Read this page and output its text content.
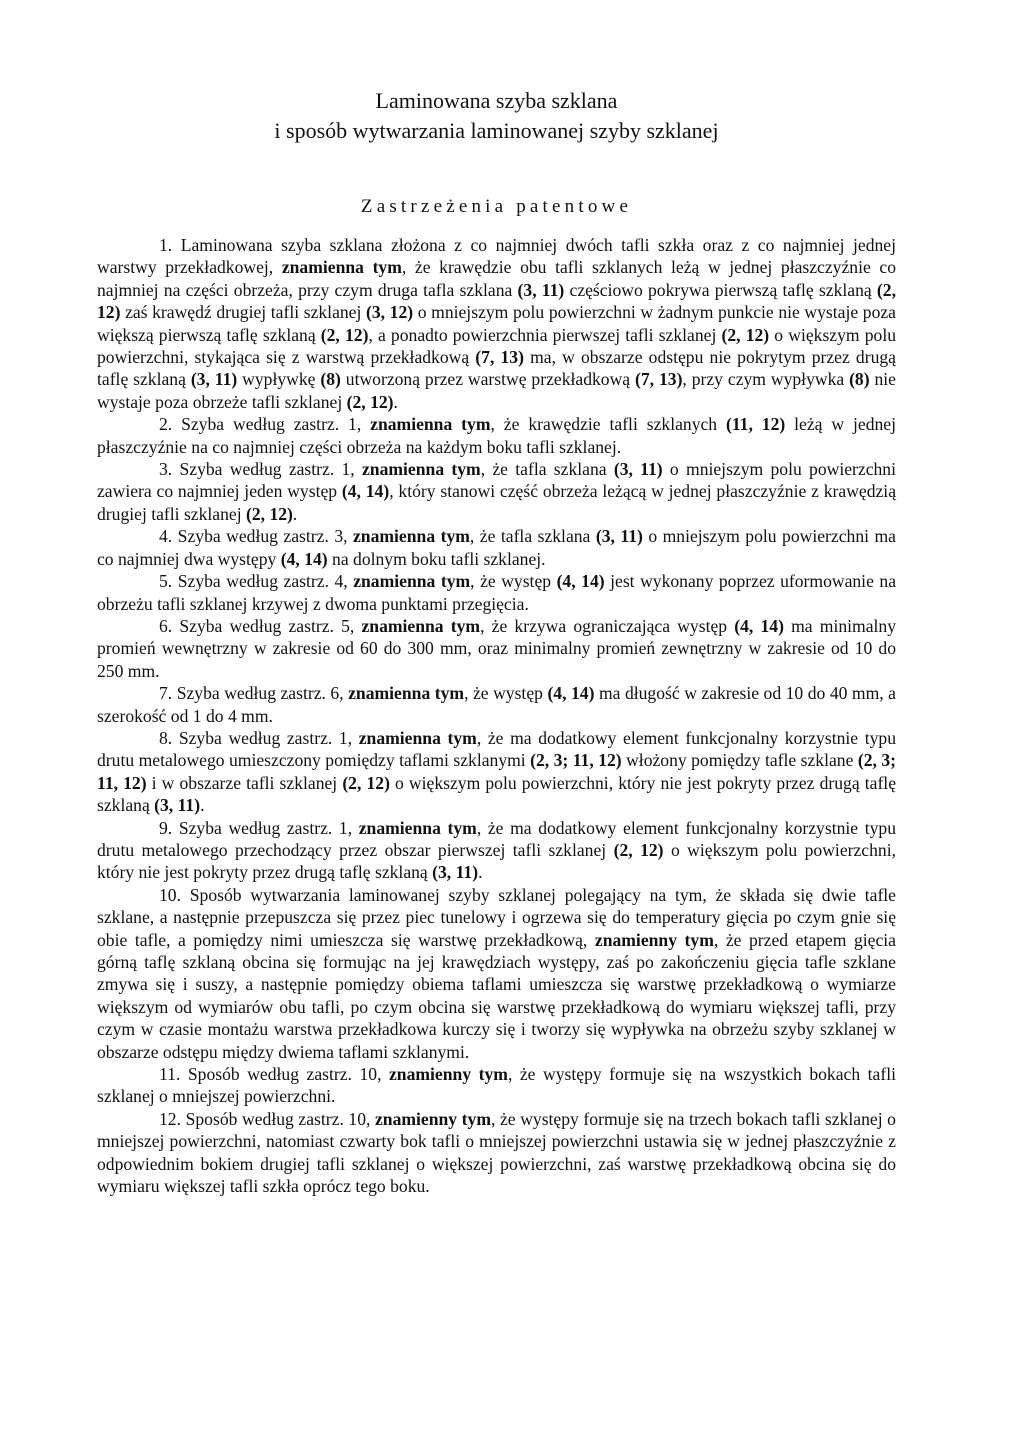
Laminowana szyba szklana
i sposób wytwarzania laminowanej szyby szklanej

Zastrzeżenia patentowe

1. Laminowana szyba szklana złożona z co najmniej dwóch tafli szkła oraz z co najmniej jednej warstwy przekładkowej, znamienna tym, że krawędzie obu tafli szklanych leżą w jednej płaszczyźnie co najmniej na części obrzeża, przy czym druga tafla szklana (3, 11) częściowo pokrywa pierwszą taflę szklaną (2, 12) zaś krawędź drugiej tafli szklanej (3, 12) o mniejszym polu powierzchni w żadnym punkcie nie wystaje poza większą pierwszą taflę szklaną (2, 12), a ponadto powierzchnia pierwszej tafli szklanej (2, 12) o większym polu powierzchni, stykająca się z warstwą przekładkową (7, 13) ma, w obszarze odstępu nie pokrytym przez drugą taflę szklaną (3, 11) wypływkę (8) utworzoną przez warstwę przekładkową (7, 13), przy czym wypływka (8) nie wystaje poza obrzeże tafli szklanej (2, 12).

2. Szyba według zastrz. 1, znamienna tym, że krawędzie tafli szklanych (11, 12) leżą w jednej płaszczyźnie na co najmniej części obrzeża na każdym boku tafli szklanej.

3. Szyba według zastrz. 1, znamienna tym, że tafla szklana (3, 11) o mniejszym polu powierzchni zawiera co najmniej jeden występ (4, 14), który stanowi część obrzeża leżącą w jednej płaszczyźnie z krawędzią drugiej tafli szklanej (2, 12).

4. Szyba według zastrz. 3, znamienna tym, że tafla szklana (3, 11) o mniejszym polu powierzchni ma co najmniej dwa występy (4, 14) na dolnym boku tafli szklanej.

5. Szyba według zastrz. 4, znamienna tym, że występ (4, 14) jest wykonany poprzez uformowanie na obrzeżu tafli szklanej krzywej z dwoma punktami przegięcia.

6. Szyba według zastrz. 5, znamienna tym, że krzywa ograniczająca występ (4, 14) ma minimalny promień wewnętrzny w zakresie od 60 do 300 mm, oraz minimalny promień zewnętrzny w zakresie od 10 do 250 mm.

7. Szyba według zastrz. 6, znamienna tym, że występ (4, 14) ma długość w zakresie od 10 do 40 mm, a szerokość od 1 do 4 mm.

8. Szyba według zastrz. 1, znamienna tym, że ma dodatkowy element funkcjonalny korzystnie typu drutu metalowego umieszczony pomiędzy taflami szklanymi (2, 3; 11, 12) włożony pomiędzy tafle szklane (2, 3; 11, 12) i w obszarze tafli szklanej (2, 12) o większym polu powierzchni, który nie jest pokryty przez drugą taflę szklaną (3, 11).

9. Szyba według zastrz. 1, znamienna tym, że ma dodatkowy element funkcjonalny korzystnie typu drutu metalowego przechodzący przez obszar pierwszej tafli szklanej (2, 12) o większym polu powierzchni, który nie jest pokryty przez drugą taflę szklaną (3, 11).

10. Sposób wytwarzania laminowanej szyby szklanej polegający na tym, że składa się dwie tafle szklane, a następnie przepuszcza się przez piec tunelowy i ogrzewa się do temperatury gięcia po czym gnie się obie tafle, a pomiędzy nimi umieszcza się warstwę przekładkową, znamienny tym, że przed etapem gięcia górną taflę szklaną obcina się formując na jej krawędziach występy, zaś po zakończeniu gięcia tafle szklane zmywa się i suszy, a następnie pomiędzy obiema taflami umieszcza się warstwę przekładkową o wymiarze większym od wymiarów obu tafli, po czym obcina się warstwę przekładkową do wymiaru większej tafli, przy czym w czasie montażu warstwa przekładkowa kurczy się i tworzy się wypływka na obrzeżu szyby szklanej w obszarze odstępu między dwiema taflami szklanymi.

11. Sposób według zastrz. 10, znamienny tym, że występy formuje się na wszystkich bokach tafli szklanej o mniejszej powierzchni.

12. Sposób według zastrz. 10, znamienny tym, że występy formuje się na trzech bokach tafli szklanej o mniejszej powierzchni, natomiast czwarty bok tafli o mniejszej powierzchni ustawia się w jednej płaszczyźnie z odpowiednim bokiem drugiej tafli szklanej o większej powierzchni, zaś warstwę przekładkową obcina się do wymiaru większej tafli szkła oprócz tego boku.
